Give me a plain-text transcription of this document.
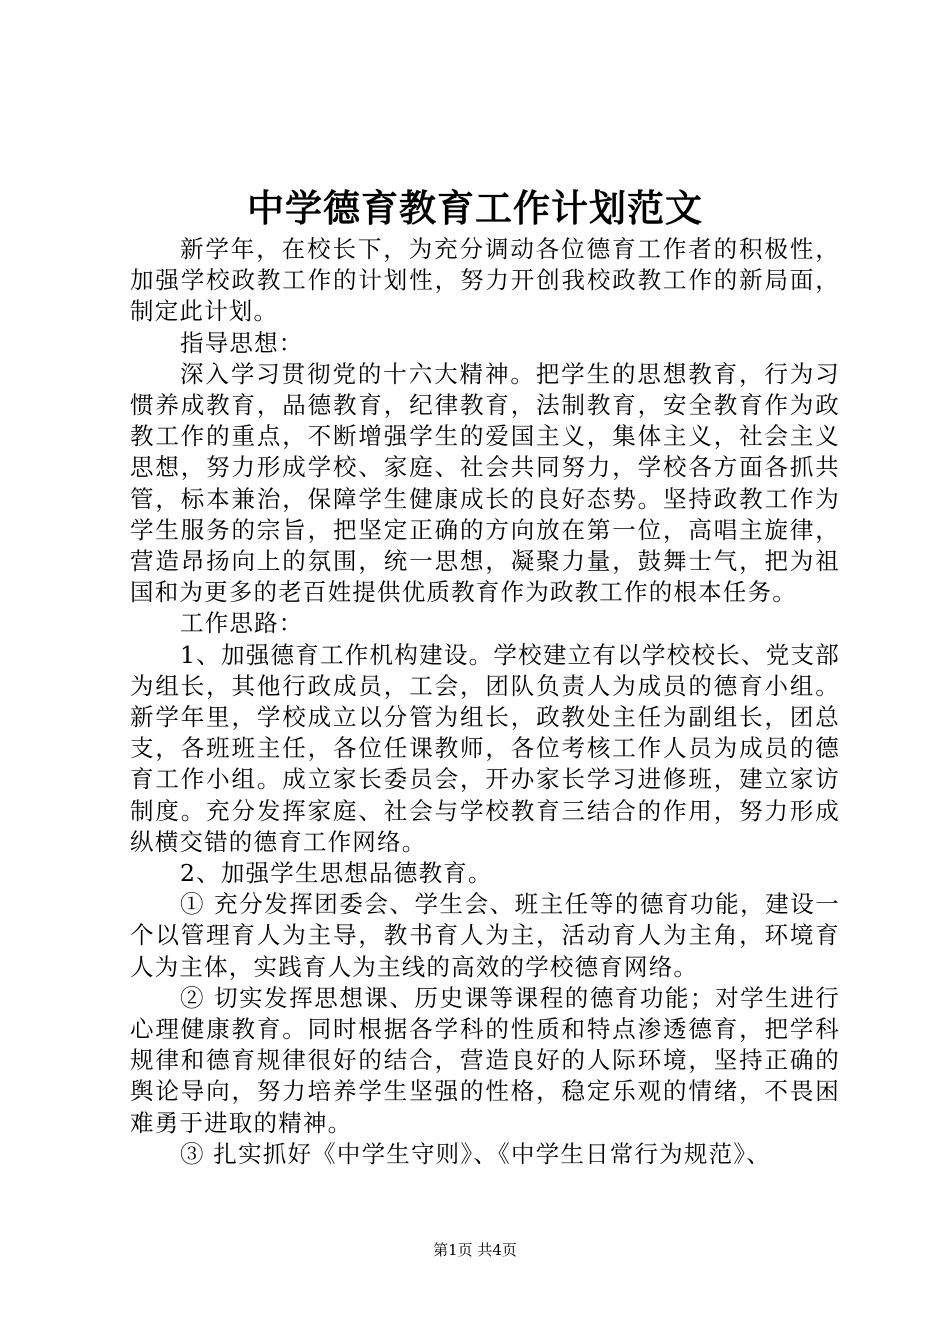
中学德育教育工作计划范文

新学年，在校长下，为充分调动各位德育工作者的积极性，加强学校政教工作的计划性，努力开创我校政教工作的新局面，制定此计划。

指导思想：

深入学习贯彻党的十六大精神。把学生的思想教育，行为习惯养成教育，品德教育，纪律教育，法制教育，安全教育作为政教工作的重点，不断增强学生的爱国主义，集体主义，社会主义思想，努力形成学校、家庭、社会共同努力，学校各方面各抓共管，标本兼治，保障学生健康成长的良好态势。坚持政教工作为学生服务的宗旨，把坚定正确的方向放在第一位，高唱主旋律，营造昂扬向上的氛围，统一思想，凝聚力量，鼓舞士气，把为祖国和为更多的老百姓提供优质教育作为政教工作的根本任务。

工作思路：

1、加强德育工作机构建设。学校建立有以学校校长、党支部为组长，其他行政成员，工会，团队负责人为成员的德育小组。新学年里，学校成立以分管为组长，政教处主任为副组长，团总支，各班班主任，各位任课教师，各位考核工作人员为成员的德育工作小组。成立家长委员会，开办家长学习进修班，建立家访制度。充分发挥家庭、社会与学校教育三结合的作用，努力形成纵横交错的德育工作网络。

2、加强学生思想品德教育。

① 充分发挥团委会、学生会、班主任等的德育功能，建设一个以管理育人为主导，教书育人为主，活动育人为主角，环境育人为主体，实践育人为主线的高效的学校德育网络。

② 切实发挥思想课、历史课等课程的德育功能；对学生进行心理健康教育。同时根据各学科的性质和特点渗透德育，把学科规律和德育规律很好的结合，营造良好的人际环境，坚持正确的舆论导向，努力培养学生坚强的性格，稳定乐观的情绪，不畏困难勇于进取的精神。

③ 扎实抓好《中学生守则》、《中学生日常行为规范》、

第1页 共4页
